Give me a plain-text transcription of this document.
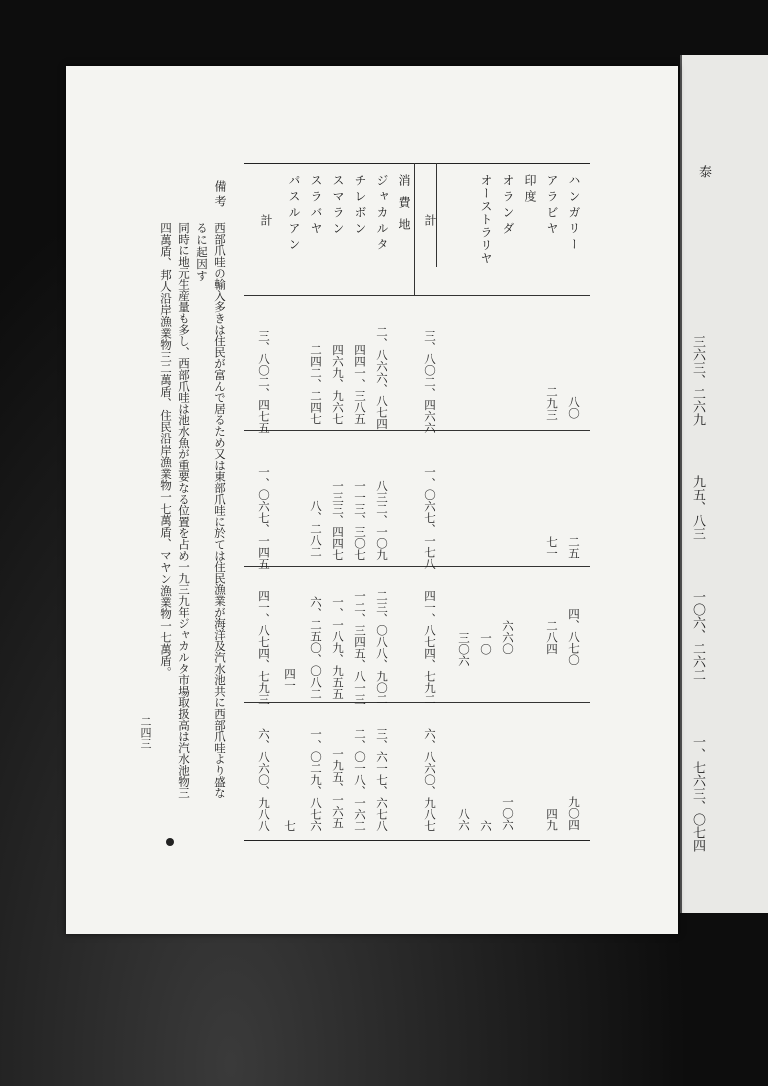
泰
三六三、二六九
九五、八三
一〇六、二六二
一、七六三、〇七四
ハンガリー
アラビヤ
印度
オランダ
オーストラリヤ
計
消費地
ジャカルタ
チレボン
スマラン
スラバヤ
パスルアン
計
八〇
二九三
三、八〇二、四六六
二、八六六、八七四
四四一、三八五
四六九、九六七
二四二、二四七
三、八〇二、四七五
二五
七一
一、〇六七、一七八
八三二、一〇九
一一三、三〇七
一三三、四四七
八、二八二
一、〇六七、一四五
四、八七〇
二八四
六六〇
一〇
三〇六
四一、八七四、七九二
二三、〇八八、九〇二
一二、三四五、八一三
一、一八九、九五五
六、二五〇、〇八二
四一
四一、八七四、七九三
九〇四
四九
一〇六
六
八六
六、八六〇、九八七
三、六一七、六七八
二、〇一八、一六二
一九五、一六五
一、〇二九、八七六
七
六、八六〇、九八八
備考
西部爪哇の輸入多きは住民が富んで居るため又は東部爪哇に於ては住民漁業が海洋及汽水池共に西部爪哇より盛な
るに起因す
同時に地元生産量も多し、西部爪哇は池水魚が重要なる位置を占め一九三九年ジャカルタ市場取扱高は汽水池物三
四萬盾、邦人沿岸漁業物三二萬盾、住民沿岸漁業物一七萬盾、マヤン漁業物一七萬盾。
二四三
